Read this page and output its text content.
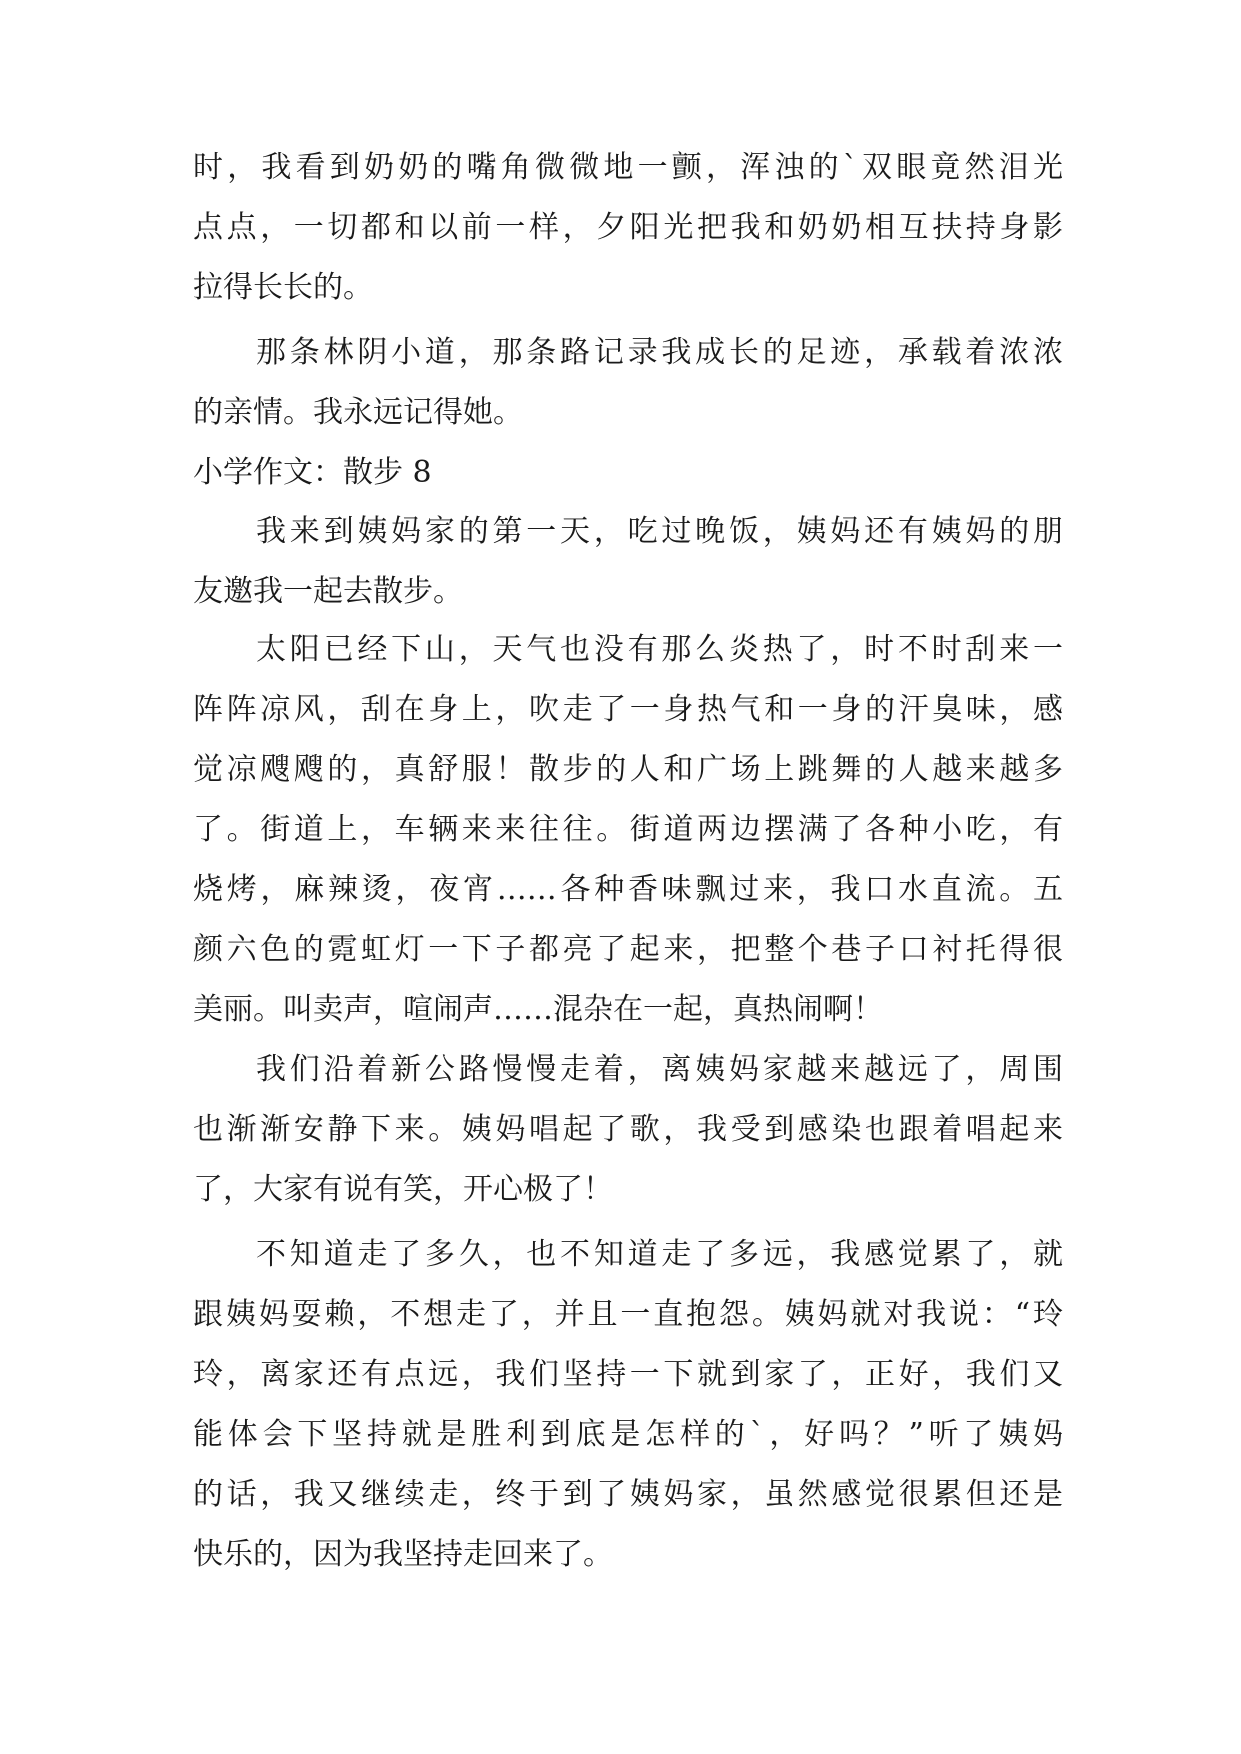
时，我看到奶奶的嘴角微微地一颤，浑浊的`双眼竟然泪光
点点，一切都和以前一样，夕阳光把我和奶奶相互扶持身影
拉得长长的。
那条林阴小道，那条路记录我成长的足迹，承载着浓浓
的亲情。我永远记得她。
小学作文：散步 8
我来到姨妈家的第一天，吃过晚饭，姨妈还有姨妈的朋
友邀我一起去散步。
太阳已经下山，天气也没有那么炎热了，时不时刮来一
阵阵凉风，刮在身上，吹走了一身热气和一身的汗臭味，感
觉凉飕飕的，真舒服！散步的人和广场上跳舞的人越来越多
了。街道上，车辆来来往往。街道两边摆满了各种小吃，有
烧烤，麻辣烫，夜宵……各种香味飘过来，我口水直流。五
颜六色的霓虹灯一下子都亮了起来，把整个巷子口衬托得很
美丽。叫卖声，喧闹声……混杂在一起，真热闹啊！
我们沿着新公路慢慢走着，离姨妈家越来越远了，周围
也渐渐安静下来。姨妈唱起了歌，我受到感染也跟着唱起来
了，大家有说有笑，开心极了！
不知道走了多久，也不知道走了多远，我感觉累了，就
跟姨妈耍赖，不想走了，并且一直抱怨。姨妈就对我说：“玲
玲，离家还有点远，我们坚持一下就到家了，正好，我们又
能体会下坚持就是胜利到底是怎样的`，好吗？”听了姨妈
的话，我又继续走，终于到了姨妈家，虽然感觉很累但还是
快乐的，因为我坚持走回来了。
